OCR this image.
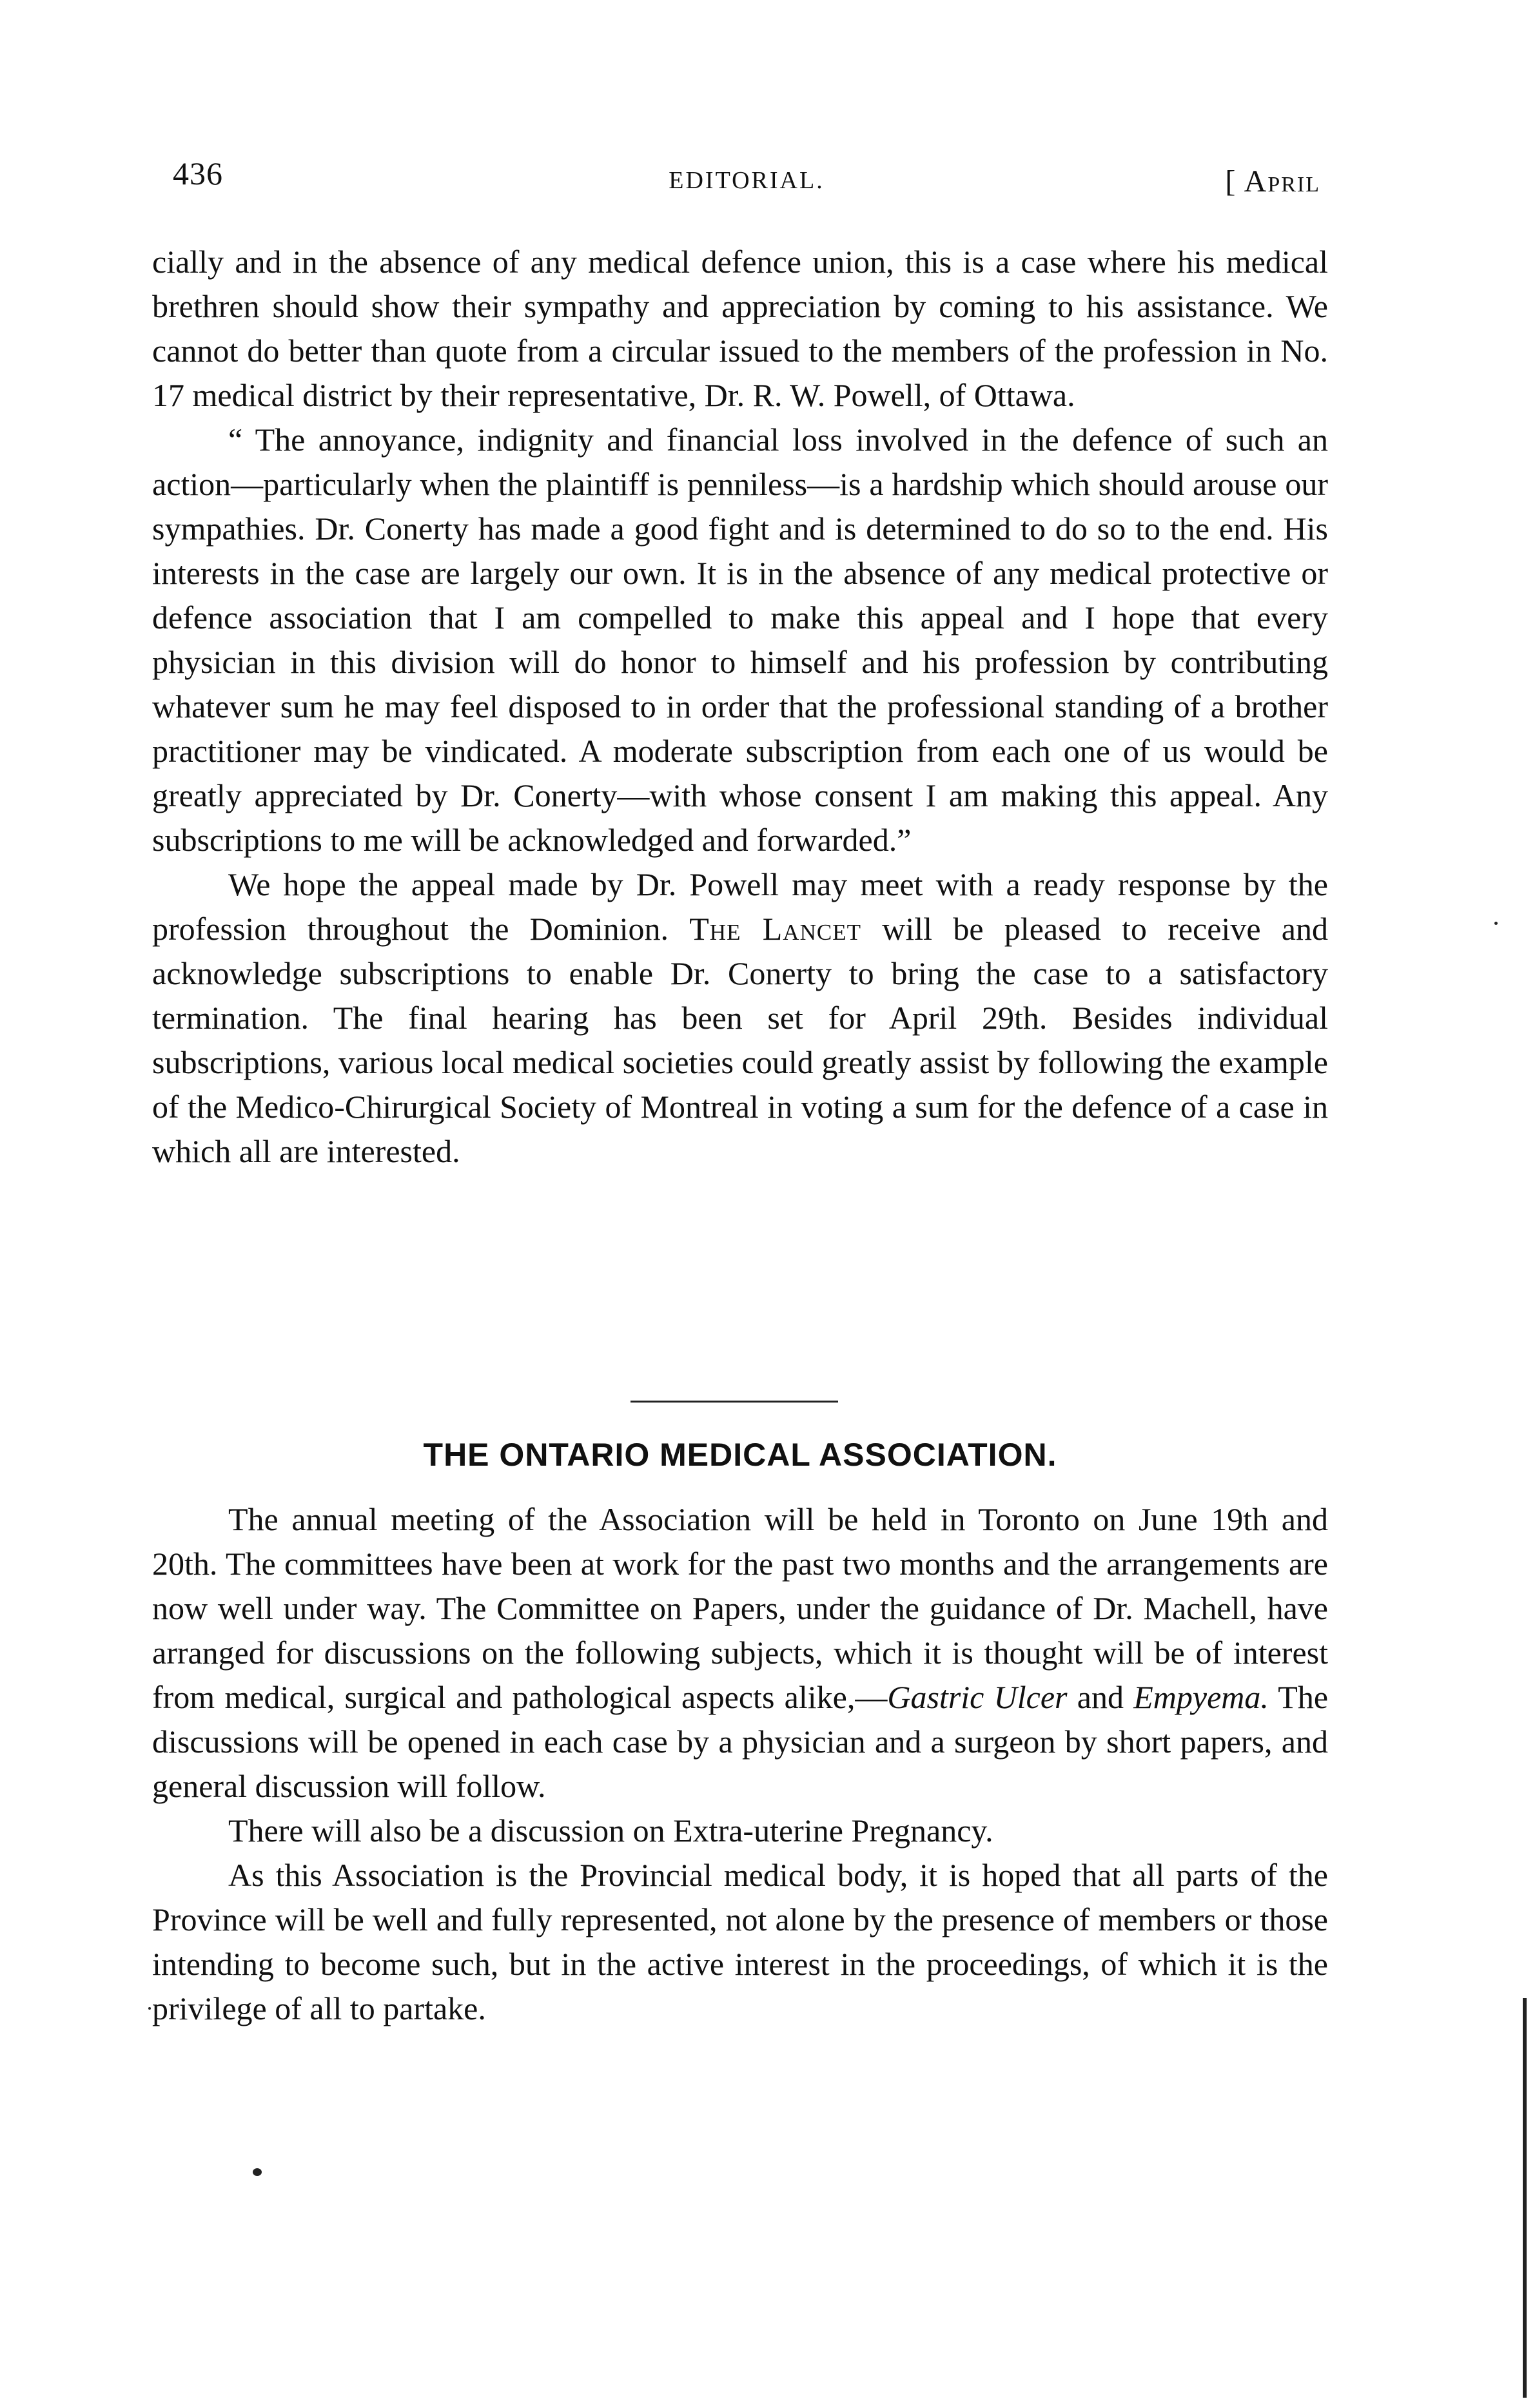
436	EDITORIAL.	[ April

cially and in the absence of any medical defence union, this is a case where his medical brethren should show their sympathy and appreciation by coming to his assistance. We cannot do better than quote from a circular issued to the members of the profession in No. 17 medical district by their representative, Dr. R. W. Powell, of Ottawa.

“ The annoyance, indignity and financial loss involved in the defence of such an action—particularly when the plaintiff is penniless—is a hardship which should arouse our sympathies. Dr. Conerty has made a good fight and is determined to do so to the end. His interests in the case are largely our own. It is in the absence of any medical protective or defence association that I am compelled to make this appeal and I hope that every physician in this division will do honor to himself and his profession by contributing whatever sum he may feel disposed to in order that the professional standing of a brother practitioner may be vindicated. A moderate subscription from each one of us would be greatly appreciated by Dr. Conerty—with whose consent I am making this appeal. Any subscriptions to me will be acknowledged and forwarded.”

We hope the appeal made by Dr. Powell may meet with a ready response by the profession throughout the Dominion. The Lancet will be pleased to receive and acknowledge subscriptions to enable Dr. Conerty to bring the case to a satisfactory termination. The final hearing has been set for April 29th. Besides individual subscriptions, various local medical societies could greatly assist by following the example of the Medico-Chirurgical Society of Montreal in voting a sum for the defence of a case in which all are interested.

THE ONTARIO MEDICAL ASSOCIATION.

The annual meeting of the Association will be held in Toronto on June 19th and 20th. The committees have been at work for the past two months and the arrangements are now well under way. The Committee on Papers, under the guidance of Dr. Machell, have arranged for discussions on the following subjects, which it is thought will be of interest from medical, surgical and pathological aspects alike,—Gastric Ulcer and Empyema. The discussions will be opened in each case by a physician and a surgeon by short papers, and general discussion will follow.

There will also be a discussion on Extra-uterine Pregnancy.

As this Association is the Provincial medical body, it is hoped that all parts of the Province will be well and fully represented, not alone by the presence of members or those intending to become such, but in the active interest in the proceedings, of which it is the privilege of all to partake.
